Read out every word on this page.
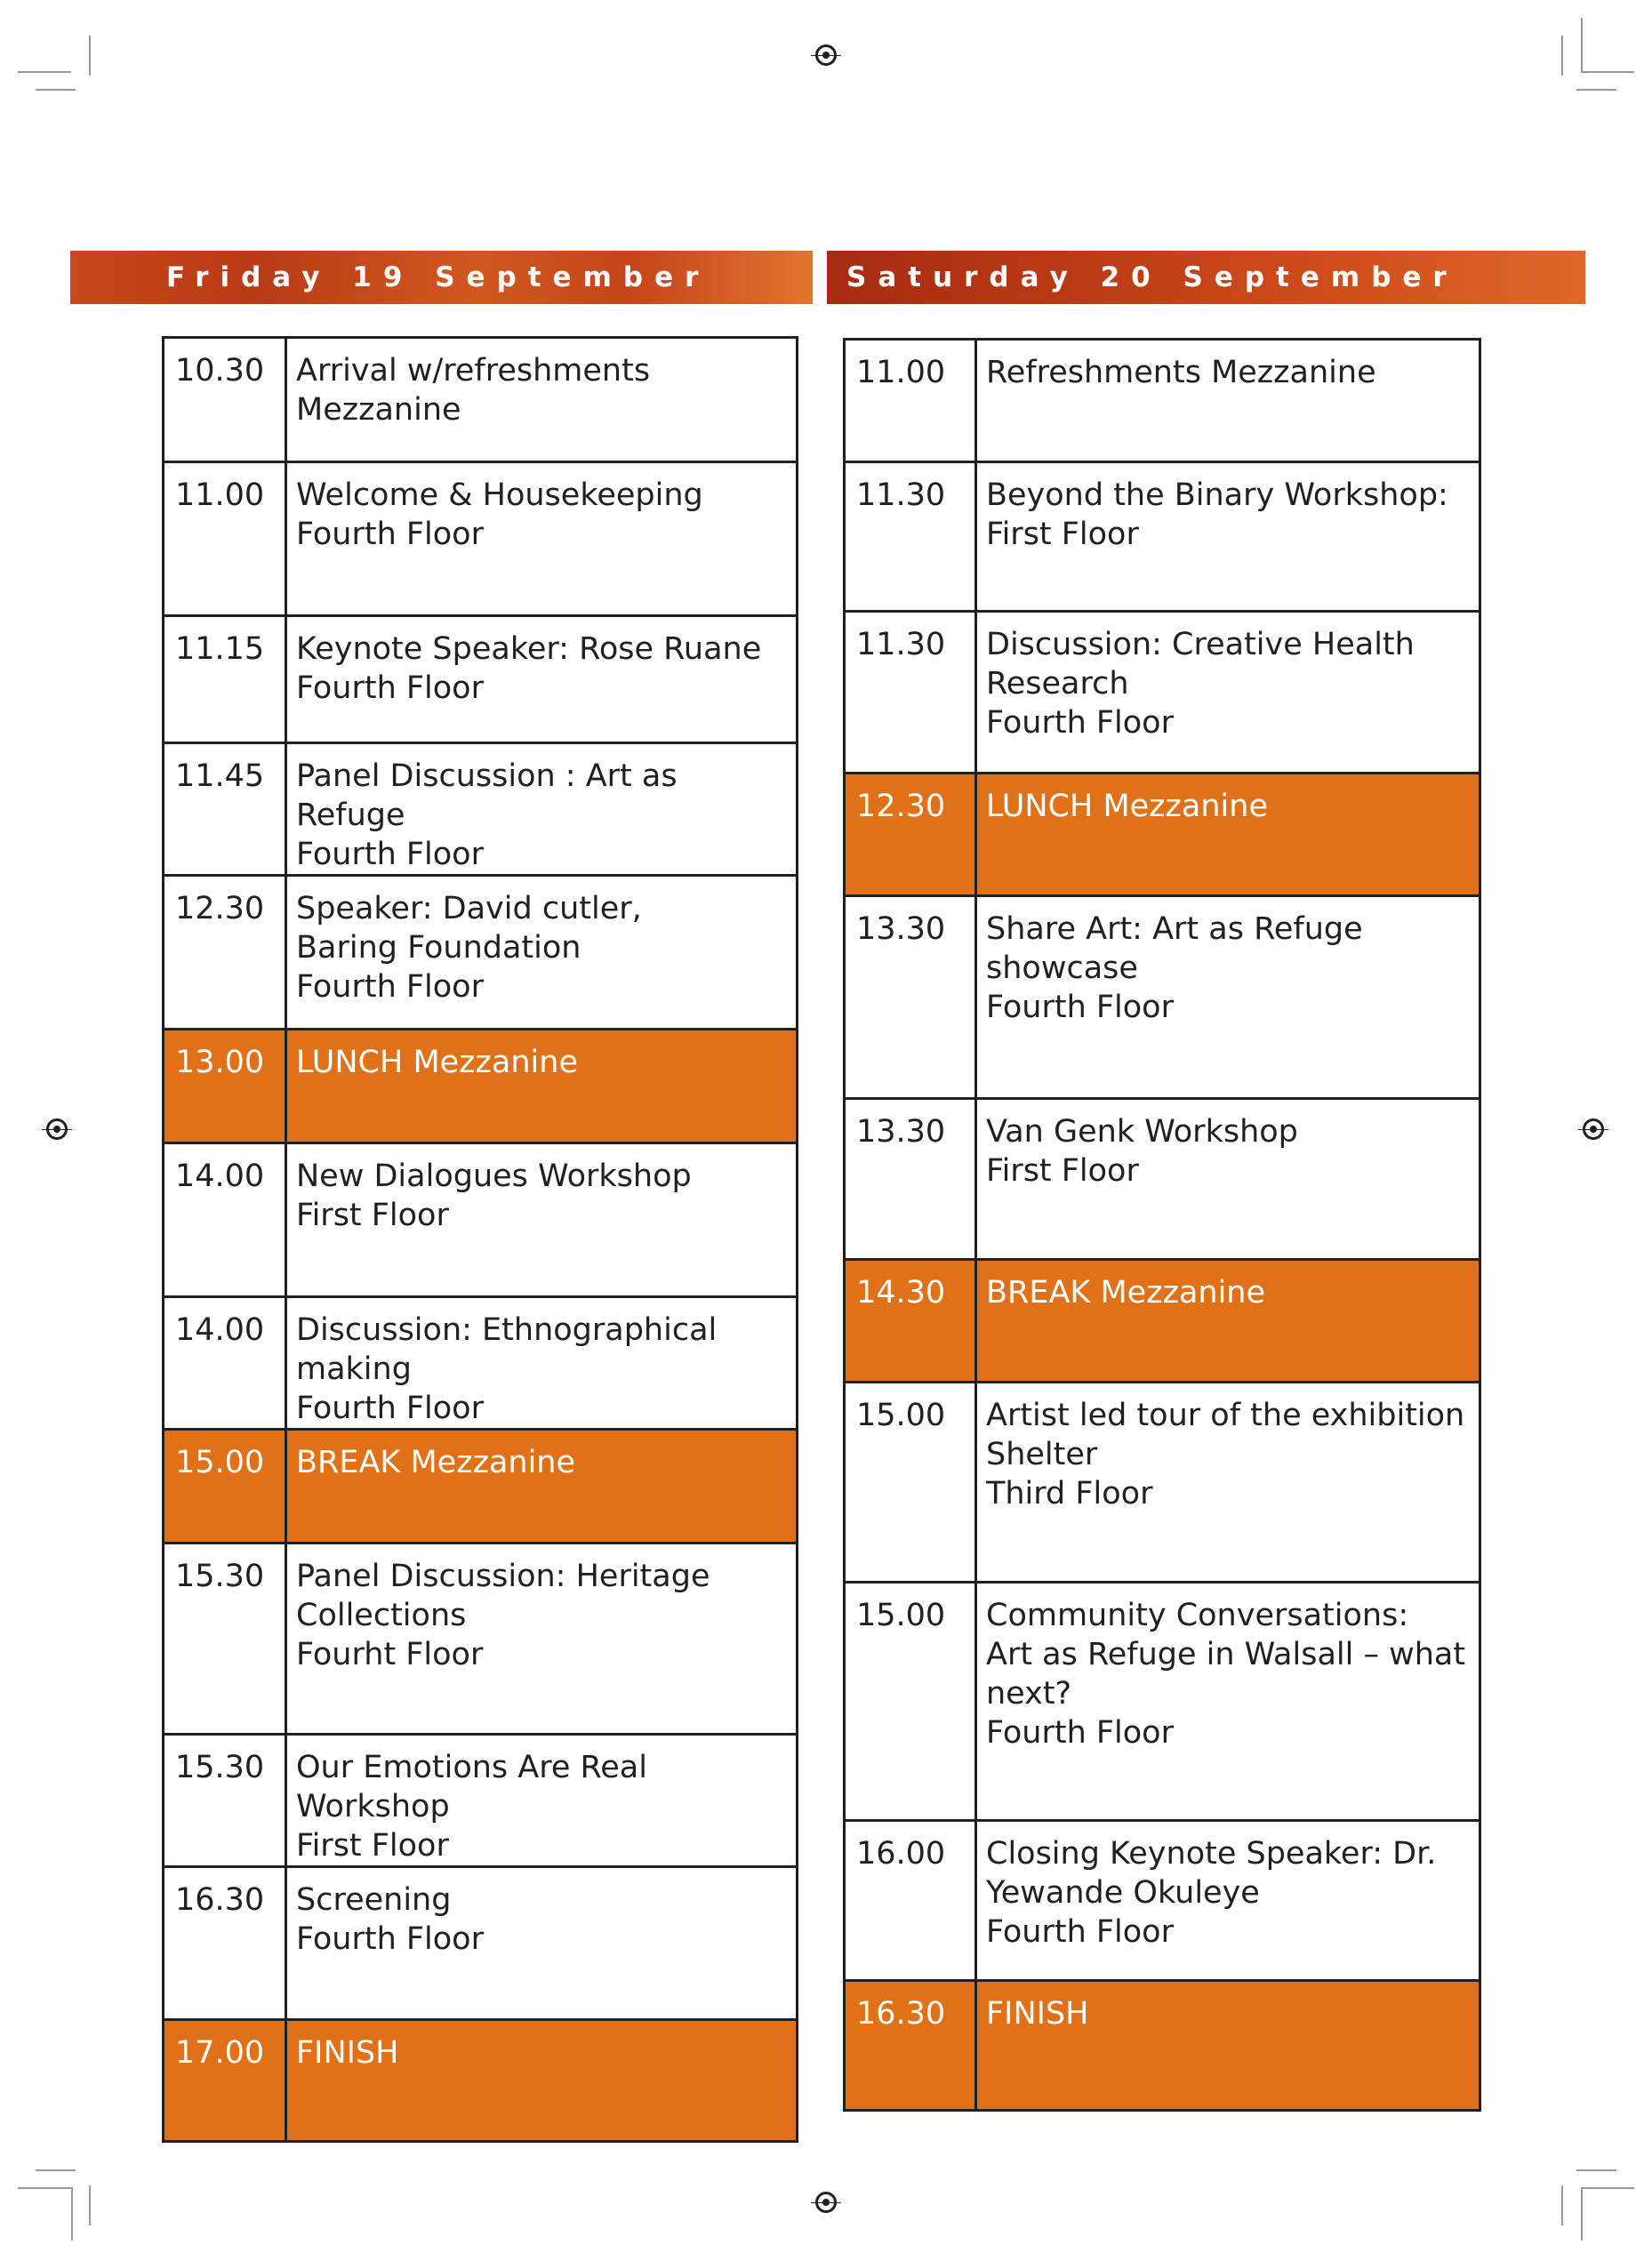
Friday 19 September	Saturday 20 September
10.30	Arrival w/refreshments
Mezzanine

11.00	Welcome & Housekeeping
Fourth Floor

11.15	Keynote Speaker: Rose Ruane
Fourth Floor

11.45	Panel Discussion : Art as Refuge
Fourth Floor

12.30	Speaker: David cutler,
Baring Foundation
Fourth Floor

13.00	LUNCH Mezzanine

14.00	New Dialogues Workshop
First Floor

14.00	Discussion: Ethnographical making
Fourth Floor

15.00	BREAK Mezzanine

15.30	Panel Discussion: Heritage
Collections
Fourht Floor

15.30	Our Emotions Are Real Workshop
First Floor

16.30	Screening
Fourth Floor

17.00	FINISH
11.00	Refreshments Mezzanine

11.30	Beyond the Binary Workshop:
First Floor

11.30	Discussion: Creative Health
Research
Fourth Floor

12.30	LUNCH Mezzanine

13.30	Share Art: Art as Refuge
showcase
Fourth Floor

13.30	Van Genk Workshop
First Floor

14.30	BREAK Mezzanine

15.00	Artist led tour of the exhibition
Shelter
Third Floor

15.00	Community Conversations:
Art as Refuge in Walsall – what
next?
Fourth Floor

16.00	Closing Keynote Speaker: Dr.
Yewande Okuleye
Fourth Floor

16.30	FINISH
